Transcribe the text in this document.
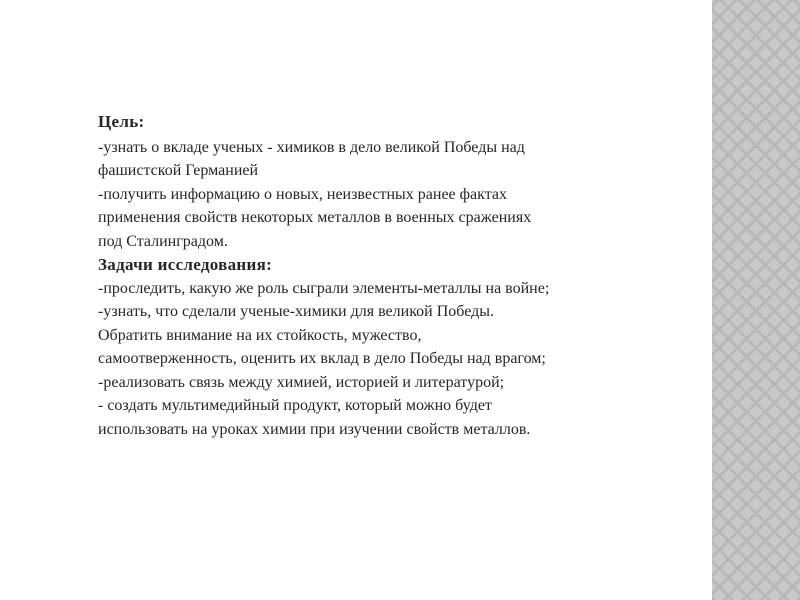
Цель:
-узнать о вкладе ученых - химиков в дело великой Победы над
фашистской Германией
-получить информацию о новых, неизвестных ранее фактах
применения свойств некоторых металлов в военных сражениях
под Сталинградом.
Задачи исследования:
-проследить, какую же роль сыграли элементы-металлы на войне;
-узнать, что сделали ученые-химики для великой Победы.
Обратить внимание на их стойкость, мужество,
самоотверженность, оценить их вклад в дело Победы над врагом;
-реализовать связь между химией, историей и литературой;
- создать мультимедийный продукт, который можно будет
использовать на уроках химии при изучении свойств металлов.
